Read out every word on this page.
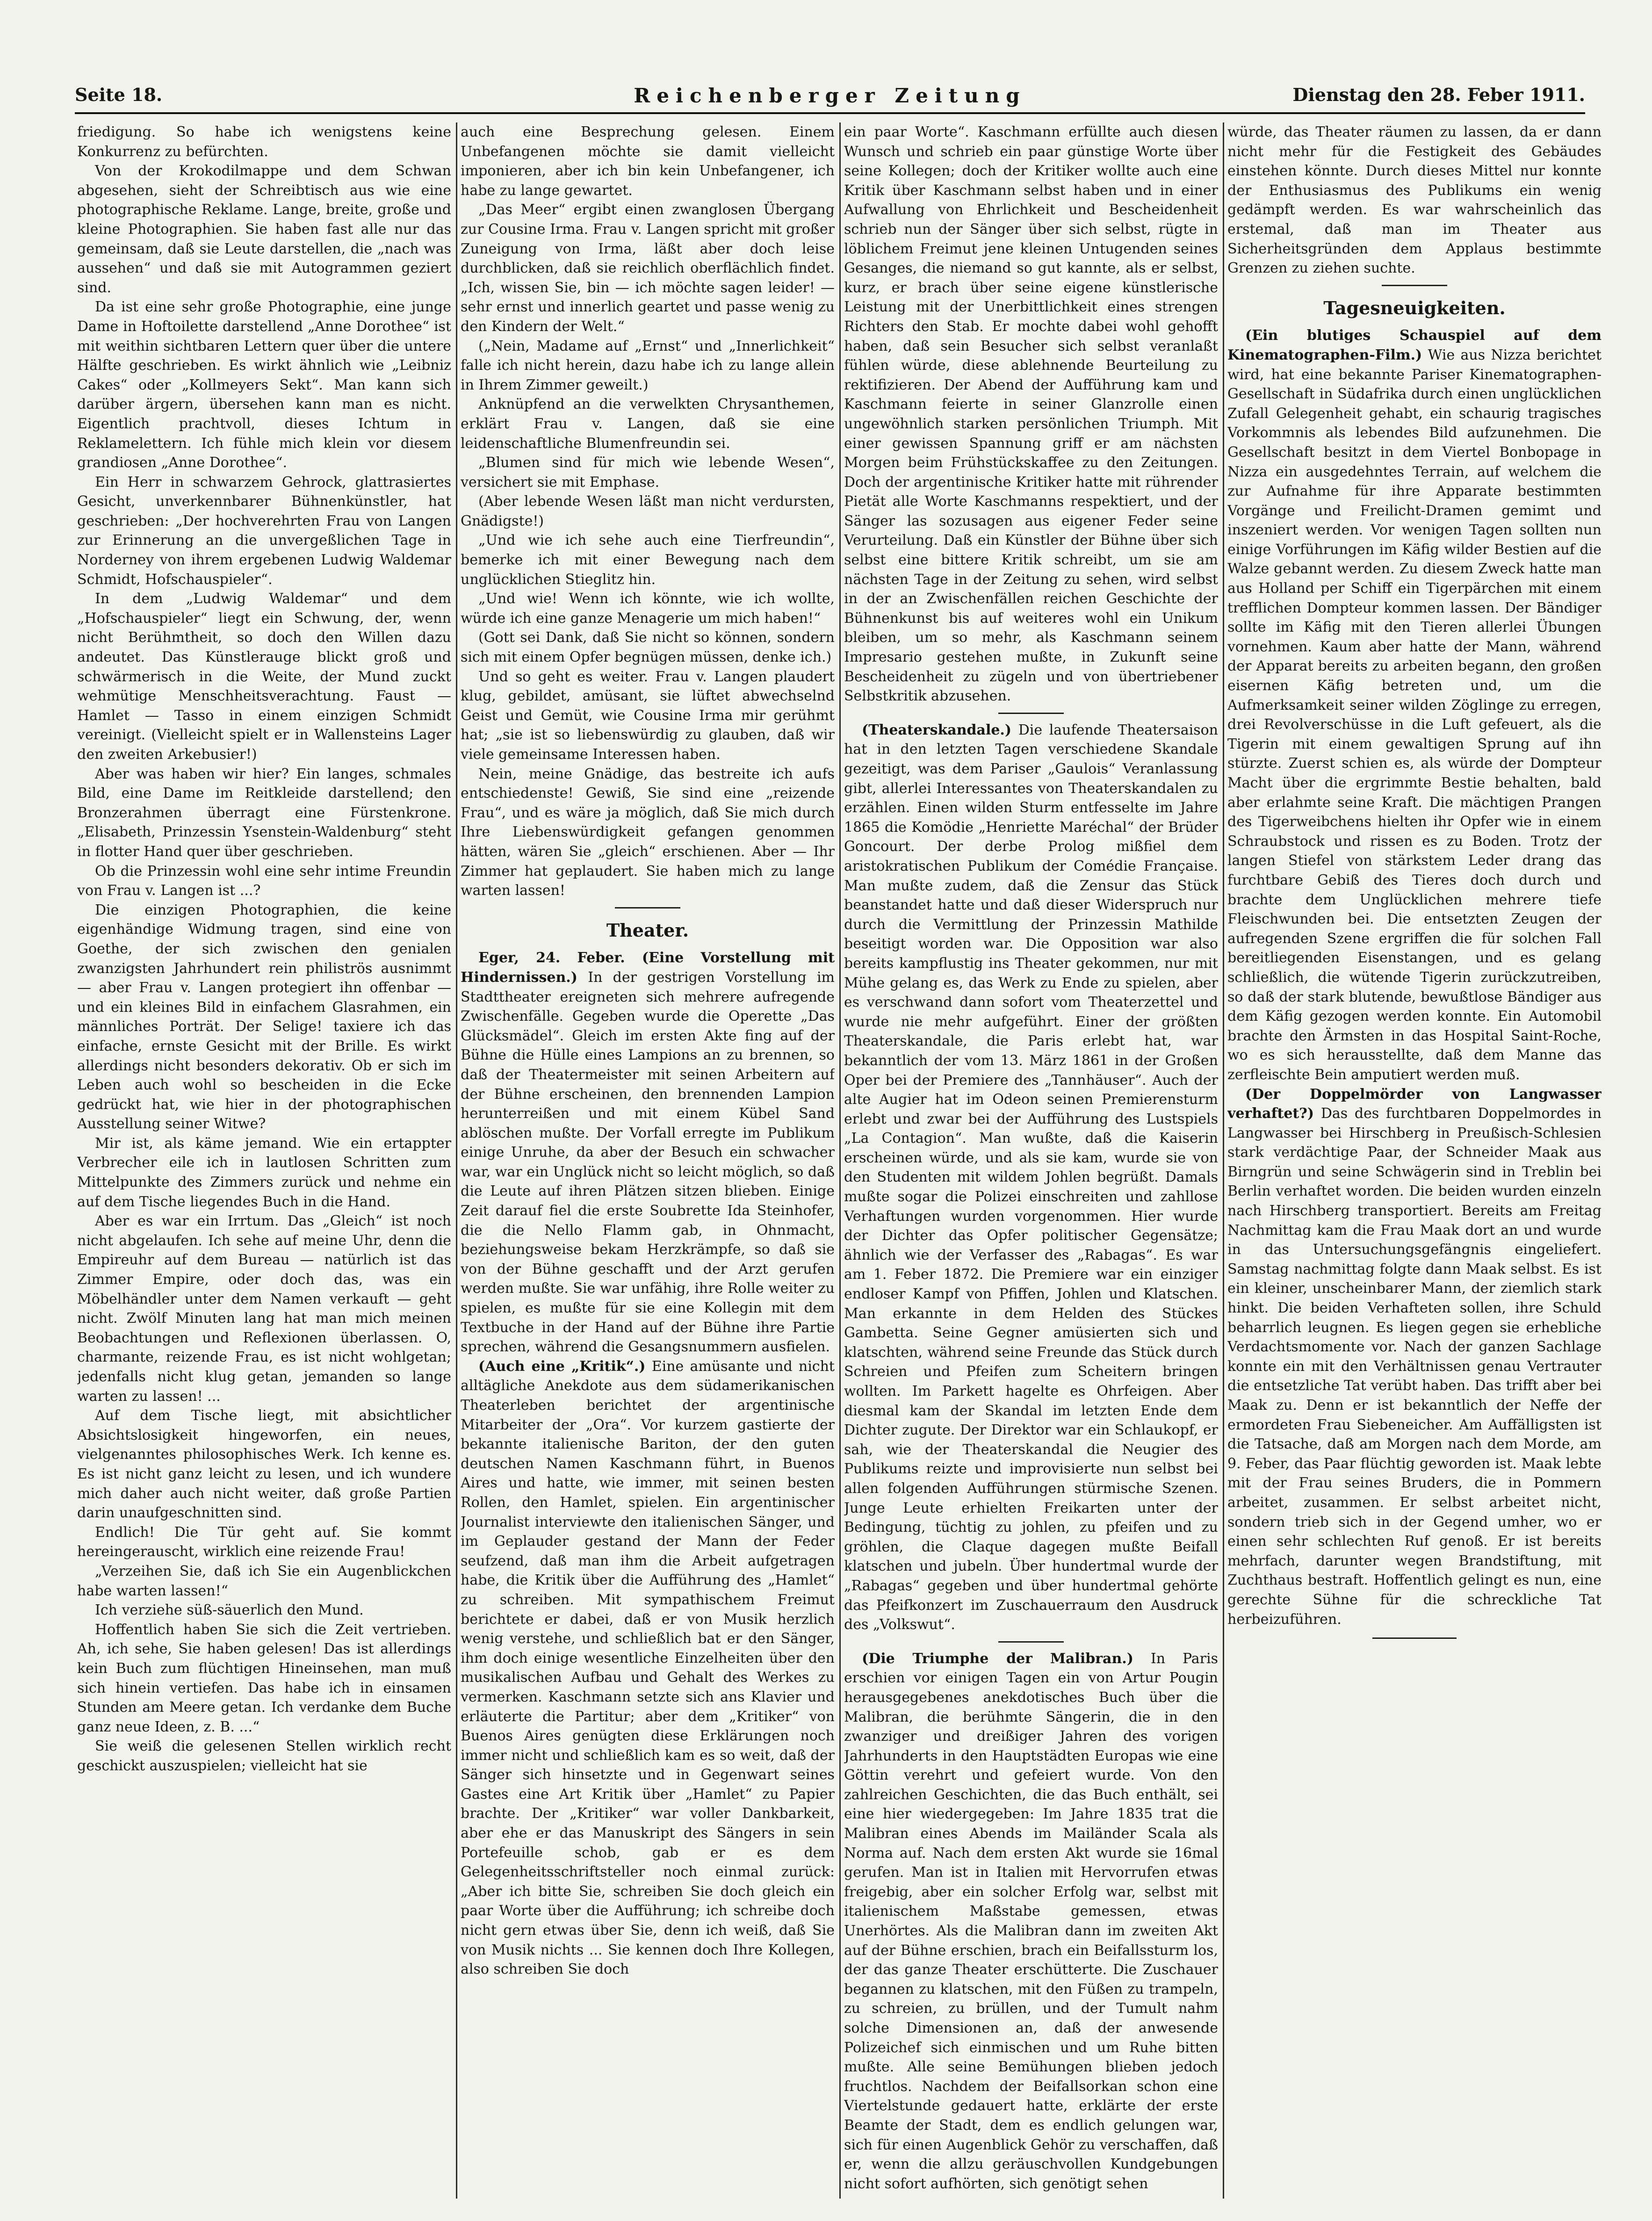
Seite 18.	Reichenberger Zeitung	Dienstag den 28. Feber 1911.

friedigung. So habe ich wenigstens keine Konkurrenz zu befürchten.

Von der Krokodilmappe und dem Schwan abgesehen, sieht der Schreibtisch aus wie eine photographische Reklame. Lange, breite, große und kleine Photographien. Sie haben fast alle nur das gemeinsam, daß sie Leute darstellen, die „nach was aussehen“ und daß sie mit Autogrammen geziert sind.

Da ist eine sehr große Photographie, eine junge Dame in Hoftoilette darstellend „Anne Dorothee“ ist mit weithin sichtbaren Lettern quer über die untere Hälfte geschrieben. Es wirkt ähnlich wie „Leibniz Cakes“ oder „Kollmeyers Sekt“. Man kann sich darüber ärgern, übersehen kann man es nicht. Eigentlich prachtvoll, dieses Ichtum in Reklamelettern. Ich fühle mich klein vor diesem grandiosen „Anne Dorothee“.

Ein Herr in schwarzem Gehrock, glattrasiertes Gesicht, unverkennbarer Bühnenkünstler, hat geschrieben: „Der hochverehrten Frau von Langen zur Erinnerung an die unvergeßlichen Tage in Norderney von ihrem ergebenen Ludwig Waldemar Schmidt, Hofschauspieler“.

In dem „Ludwig Waldemar“ und dem „Hofschauspieler“ liegt ein Schwung, der, wenn nicht Berühmtheit, so doch den Willen dazu andeutet. Das Künstlerauge blickt groß und schwärmerisch in die Weite, der Mund zuckt wehmütige Menschheitsverachtung. Faust — Hamlet — Tasso in einem einzigen Schmidt vereinigt. (Vielleicht spielt er in Wallensteins Lager den zweiten Arkebusier!)

Aber was haben wir hier? Ein langes, schmales Bild, eine Dame im Reitkleide darstellend; den Bronzerahmen überragt eine Fürstenkrone. „Elisabeth, Prinzessin Ysenstein-Waldenburg“ steht in flotter Hand quer über geschrieben.

Ob die Prinzessin wohl eine sehr intime Freundin von Frau v. Langen ist ...?

Die einzigen Photographien, die keine eigenhändige Widmung tragen, sind eine von Goethe, der sich zwischen den genialen zwanzigsten Jahrhundert rein philiströs ausnimmt — aber Frau v. Langen protegiert ihn offenbar — und ein kleines Bild in einfachem Glasrahmen, ein männliches Porträt. Der Selige! taxiere ich das einfache, ernste Gesicht mit der Brille. Es wirkt allerdings nicht besonders dekorativ. Ob er sich im Leben auch wohl so bescheiden in die Ecke gedrückt hat, wie hier in der photographischen Ausstellung seiner Witwe?

Mir ist, als käme jemand. Wie ein ertappter Verbrecher eile ich in lautlosen Schritten zum Mittelpunkte des Zimmers zurück und nehme ein auf dem Tische liegendes Buch in die Hand.

Aber es war ein Irrtum. Das „Gleich“ ist noch nicht abgelaufen. Ich sehe auf meine Uhr, denn die Empireuhr auf dem Bureau — natürlich ist das Zimmer Empire, oder doch das, was ein Möbelhändler unter dem Namen verkauft — geht nicht. Zwölf Minuten lang hat man mich meinen Beobachtungen und Reflexionen überlassen. O, charmante, reizende Frau, es ist nicht wohlgetan; jedenfalls nicht klug getan, jemanden so lange warten zu lassen! ...

Auf dem Tische liegt, mit absichtlicher Absichtslosigkeit hingeworfen, ein neues, vielgenanntes philosophisches Werk. Ich kenne es. Es ist nicht ganz leicht zu lesen, und ich wundere mich daher auch nicht weiter, daß große Partien darin unaufgeschnitten sind.

Endlich! Die Tür geht auf. Sie kommt hereingerauscht, wirklich eine reizende Frau!

„Verzeihen Sie, daß ich Sie ein Augenblickchen habe warten lassen!“

Ich verziehe süß-säuerlich den Mund.

Hoffentlich haben Sie sich die Zeit vertrieben. Ah, ich sehe, Sie haben gelesen! Das ist allerdings kein Buch zum flüchtigen Hineinsehen, man muß sich hinein vertiefen. Das habe ich in einsamen Stunden am Meere getan. Ich verdanke dem Buche ganz neue Ideen, z. B. ...“

Sie weiß die gelesenen Stellen wirklich recht geschickt auszuspielen; vielleicht hat sie

auch eine Besprechung gelesen. Einem Unbefangenen möchte sie damit vielleicht imponieren, aber ich bin kein Unbefangener, ich habe zu lange gewartet.

„Das Meer“ ergibt einen zwanglosen Übergang zur Cousine Irma. Frau v. Langen spricht mit großer Zuneigung von Irma, läßt aber doch leise durchblicken, daß sie reichlich oberflächlich findet. „Ich, wissen Sie, bin — ich möchte sagen leider! — sehr ernst und innerlich geartet und passe wenig zu den Kindern der Welt.“

(„Nein, Madame auf „Ernst“ und „Innerlichkeit“ falle ich nicht herein, dazu habe ich zu lange allein in Ihrem Zimmer geweilt.)

Anknüpfend an die verwelkten Chrysanthemen, erklärt Frau v. Langen, daß sie eine leidenschaftliche Blumenfreundin sei.

„Blumen sind für mich wie lebende Wesen“, versichert sie mit Emphase.

(Aber lebende Wesen läßt man nicht verdursten, Gnädigste!)

„Und wie ich sehe auch eine Tierfreundin“, bemerke ich mit einer Bewegung nach dem unglücklichen Stieglitz hin.

„Und wie! Wenn ich könnte, wie ich wollte, würde ich eine ganze Menagerie um mich haben!“

(Gott sei Dank, daß Sie nicht so können, sondern sich mit einem Opfer begnügen müssen, denke ich.)

Und so geht es weiter. Frau v. Langen plaudert klug, gebildet, amüsant, sie lüftet abwechselnd Geist und Gemüt, wie Cousine Irma mir gerühmt hat; „sie ist so liebenswürdig zu glauben, daß wir viele gemeinsame Interessen haben.

Nein, meine Gnädige, das bestreite ich aufs entschiedenste! Gewiß, Sie sind eine „reizende Frau“, und es wäre ja möglich, daß Sie mich durch Ihre Liebenswürdigkeit gefangen genommen hätten, wären Sie „gleich“ erschienen. Aber — Ihr Zimmer hat geplaudert. Sie haben mich zu lange warten lassen!

Theater.

Eger, 24. Feber. (Eine Vorstellung mit Hindernissen.) In der gestrigen Vorstellung im Stadttheater ereigneten sich mehrere aufregende Zwischenfälle. Gegeben wurde die Operette „Das Glücksmädel“. Gleich im ersten Akte fing auf der Bühne die Hülle eines Lampions an zu brennen, so daß der Theatermeister mit seinen Arbeitern auf der Bühne erscheinen, den brennenden Lampion herunterreißen und mit einem Kübel Sand ablöschen mußte. Der Vorfall erregte im Publikum einige Unruhe, da aber der Besuch ein schwacher war, war ein Unglück nicht so leicht möglich, so daß die Leute auf ihren Plätzen sitzen blieben. Einige Zeit darauf fiel die erste Soubrette Ida Steinhofer, die die Nello Flamm gab, in Ohnmacht, beziehungsweise bekam Herzkrämpfe, so daß sie von der Bühne geschafft und der Arzt gerufen werden mußte. Sie war unfähig, ihre Rolle weiter zu spielen, es mußte für sie eine Kollegin mit dem Textbuche in der Hand auf der Bühne ihre Partie sprechen, während die Gesangsnummern ausfielen.

(Auch eine „Kritik“.) Eine amüsante und nicht alltägliche Anekdote aus dem südamerikanischen Theaterleben berichtet der argentinische Mitarbeiter der „Ora“. Vor kurzem gastierte der bekannte italienische Bariton, der den guten deutschen Namen Kaschmann führt, in Buenos Aires und hatte, wie immer, mit seinen besten Rollen, den Hamlet, spielen. Ein argentinischer Journalist interviewte den italienischen Sänger, und im Geplauder gestand der Mann der Feder seufzend, daß man ihm die Arbeit aufgetragen habe, die Kritik über die Aufführung des „Hamlet“ zu schreiben. Mit sympathischem Freimut berichtete er dabei, daß er von Musik herzlich wenig verstehe, und schließlich bat er den Sänger, ihm doch einige wesentliche Einzelheiten über den musikalischen Aufbau und Gehalt des Werkes zu vermerken. Kaschmann setzte sich ans Klavier und erläuterte die Partitur; aber dem „Kritiker“ von Buenos Aires genügten diese Erklärungen noch immer nicht und schließlich kam es so weit, daß der Sänger sich hinsetzte und in Gegenwart seines Gastes eine Art Kritik über „Hamlet“ zu Papier brachte. Der „Kritiker“ war voller Dankbarkeit, aber ehe er das Manuskript des Sängers in sein Portefeuille schob, gab er es dem Gelegenheitsschriftsteller noch einmal zurück: „Aber ich bitte Sie, schreiben Sie doch gleich ein paar Worte über die Aufführung; ich schreibe doch nicht gern etwas über Sie, denn ich weiß, daß Sie von Musik nichts ... Sie kennen doch Ihre Kollegen, also schreiben Sie doch

ein paar Worte“. Kaschmann erfüllte auch diesen Wunsch und schrieb ein paar günstige Worte über seine Kollegen; doch der Kritiker wollte auch eine Kritik über Kaschmann selbst haben und in einer Aufwallung von Ehrlichkeit und Bescheidenheit schrieb nun der Sänger über sich selbst, rügte in löblichem Freimut jene kleinen Untugenden seines Gesanges, die niemand so gut kannte, als er selbst, kurz, er brach über seine eigene künstlerische Leistung mit der Unerbittlichkeit eines strengen Richters den Stab. Er mochte dabei wohl gehofft haben, daß sein Besucher sich selbst veranlaßt fühlen würde, diese ablehnende Beurteilung zu rektifizieren. Der Abend der Aufführung kam und Kaschmann feierte in seiner Glanzrolle einen ungewöhnlich starken persönlichen Triumph. Mit einer gewissen Spannung griff er am nächsten Morgen beim Frühstückskaffee zu den Zeitungen. Doch der argentinische Kritiker hatte mit rührender Pietät alle Worte Kaschmanns respektiert, und der Sänger las sozusagen aus eigener Feder seine Verurteilung. Daß ein Künstler der Bühne über sich selbst eine bittere Kritik schreibt, um sie am nächsten Tage in der Zeitung zu sehen, wird selbst in der an Zwischenfällen reichen Geschichte der Bühnenkunst bis auf weiteres wohl ein Unikum bleiben, um so mehr, als Kaschmann seinem Impresario gestehen mußte, in Zukunft seine Bescheidenheit zu zügeln und von übertriebener Selbstkritik abzusehen.

(Theaterskandale.) Die laufende Theatersaison hat in den letzten Tagen verschiedene Skandale gezeitigt, was dem Pariser „Gaulois“ Veranlassung gibt, allerlei Interessantes von Theaterskandalen zu erzählen. Einen wilden Sturm entfesselte im Jahre 1865 die Komödie „Henriette Maréchal“ der Brüder Goncourt. Der derbe Prolog mißfiel dem aristokratischen Publikum der Comédie Française. Man mußte zudem, daß die Zensur das Stück beanstandet hatte und daß dieser Widerspruch nur durch die Vermittlung der Prinzessin Mathilde beseitigt worden war. Die Opposition war also bereits kampflustig ins Theater gekommen, nur mit Mühe gelang es, das Werk zu Ende zu spielen, aber es verschwand dann sofort vom Theaterzettel und wurde nie mehr aufgeführt. Einer der größten Theaterskandale, die Paris erlebt hat, war bekanntlich der vom 13. März 1861 in der Großen Oper bei der Premiere des „Tannhäuser“. Auch der alte Augier hat im Odeon seinen Premierensturm erlebt und zwar bei der Aufführung des Lustspiels „La Contagion“. Man wußte, daß die Kaiserin erscheinen würde, und als sie kam, wurde sie von den Studenten mit wildem Johlen begrüßt. Damals mußte sogar die Polizei einschreiten und zahllose Verhaftungen wurden vorgenommen. Hier wurde der Dichter das Opfer politischer Gegensätze; ähnlich wie der Verfasser des „Rabagas“. Es war am 1. Feber 1872. Die Premiere war ein einziger endloser Kampf von Pfiffen, Johlen und Klatschen. Man erkannte in dem Helden des Stückes Gambetta. Seine Gegner amüsierten sich und klatschten, während seine Freunde das Stück durch Schreien und Pfeifen zum Scheitern bringen wollten. Im Parkett hagelte es Ohrfeigen. Aber diesmal kam der Skandal im letzten Ende dem Dichter zugute. Der Direktor war ein Schlaukopf, er sah, wie der Theaterskandal die Neugier des Publikums reizte und improvisierte nun selbst bei allen folgenden Aufführungen stürmische Szenen. Junge Leute erhielten Freikarten unter der Bedingung, tüchtig zu johlen, zu pfeifen und zu gröhlen, die Claque dagegen mußte Beifall klatschen und jubeln. Über hundertmal wurde der „Rabagas“ gegeben und über hundertmal gehörte das Pfeifkonzert im Zuschauerraum den Ausdruck des „Volkswut“.

(Die Triumphe der Malibran.) In Paris erschien vor einigen Tagen ein von Artur Pougin herausgegebenes anekdotisches Buch über die Malibran, die berühmte Sängerin, die in den zwanziger und dreißiger Jahren des vorigen Jahrhunderts in den Hauptstädten Europas wie eine Göttin verehrt und gefeiert wurde. Von den zahlreichen Geschichten, die das Buch enthält, sei eine hier wiedergegeben: Im Jahre 1835 trat die Malibran eines Abends im Mailänder Scala als Norma auf. Nach dem ersten Akt wurde sie 16mal gerufen. Man ist in Italien mit Hervorrufen etwas freigebig, aber ein solcher Erfolg war, selbst mit italienischem Maßstabe gemessen, etwas Unerhörtes. Als die Malibran dann im zweiten Akt auf der Bühne erschien, brach ein Beifallssturm los, der das ganze Theater erschütterte. Die Zuschauer begannen zu klatschen, mit den Füßen zu trampeln, zu schreien, zu brüllen, und der Tumult nahm solche Dimensionen an, daß der anwesende Polizeichef sich einmischen und um Ruhe bitten mußte. Alle seine Bemühungen blieben jedoch fruchtlos. Nachdem der Beifallsorkan schon eine Viertelstunde gedauert hatte, erklärte der erste Beamte der Stadt, dem es endlich gelungen war, sich für einen Augenblick Gehör zu verschaffen, daß er, wenn die allzu geräuschvollen Kundgebungen nicht sofort aufhörten, sich genötigt sehen

würde, das Theater räumen zu lassen, da er dann nicht mehr für die Festigkeit des Gebäudes einstehen könnte. Durch dieses Mittel nur konnte der Enthusiasmus des Publikums ein wenig gedämpft werden. Es war wahrscheinlich das erstemal, daß man im Theater aus Sicherheitsgründen dem Applaus bestimmte Grenzen zu ziehen suchte.

Tagesneuigkeiten.

(Ein blutiges Schauspiel auf dem Kinematographen-Film.) Wie aus Nizza berichtet wird, hat eine bekannte Pariser Kinematographen-Gesellschaft in Südafrika durch einen unglücklichen Zufall Gelegenheit gehabt, ein schaurig tragisches Vorkommnis als lebendes Bild aufzunehmen. Die Gesellschaft besitzt in dem Viertel Bonbopage in Nizza ein ausgedehntes Terrain, auf welchem die zur Aufnahme für ihre Apparate bestimmten Vorgänge und Freilicht-Dramen gemimt und inszeniert werden. Vor wenigen Tagen sollten nun einige Vorführungen im Käfig wilder Bestien auf die Walze gebannt werden. Zu diesem Zweck hatte man aus Holland per Schiff ein Tigerpärchen mit einem trefflichen Dompteur kommen lassen. Der Bändiger sollte im Käfig mit den Tieren allerlei Übungen vornehmen. Kaum aber hatte der Mann, während der Apparat bereits zu arbeiten begann, den großen eisernen Käfig betreten und, um die Aufmerksamkeit seiner wilden Zöglinge zu erregen, drei Revolverschüsse in die Luft gefeuert, als die Tigerin mit einem gewaltigen Sprung auf ihn stürzte. Zuerst schien es, als würde der Dompteur Macht über die ergrimmte Bestie behalten, bald aber erlahmte seine Kraft. Die mächtigen Prangen des Tigerweibchens hielten ihr Opfer wie in einem Schraubstock und rissen es zu Boden. Trotz der langen Stiefel von stärkstem Leder drang das furchtbare Gebiß des Tieres doch durch und brachte dem Unglücklichen mehrere tiefe Fleischwunden bei. Die entsetzten Zeugen der aufregenden Szene ergriffen die für solchen Fall bereitliegenden Eisenstangen, und es gelang schließlich, die wütende Tigerin zurückzutreiben, so daß der stark blutende, bewußtlose Bändiger aus dem Käfig gezogen werden konnte. Ein Automobil brachte den Ärmsten in das Hospital Saint-Roche, wo es sich herausstellte, daß dem Manne das zerfleischte Bein amputiert werden muß.

(Der Doppelmörder von Langwasser verhaftet?) Das des furchtbaren Doppelmordes in Langwasser bei Hirschberg in Preußisch-Schlesien stark verdächtige Paar, der Schneider Maak aus Birngrün und seine Schwägerin sind in Treblin bei Berlin verhaftet worden. Die beiden wurden einzeln nach Hirschberg transportiert. Bereits am Freitag Nachmittag kam die Frau Maak dort an und wurde in das Untersuchungsgefängnis eingeliefert. Samstag nachmittag folgte dann Maak selbst. Es ist ein kleiner, unscheinbarer Mann, der ziemlich stark hinkt. Die beiden Verhafteten sollen, ihre Schuld beharrlich leugnen. Es liegen gegen sie erhebliche Verdachtsmomente vor. Nach der ganzen Sachlage konnte ein mit den Verhältnissen genau Vertrauter die entsetzliche Tat verübt haben. Das trifft aber bei Maak zu. Denn er ist bekanntlich der Neffe der ermordeten Frau Siebeneicher. Am Auffälligsten ist die Tatsache, daß am Morgen nach dem Morde, am 9. Feber, das Paar flüchtig geworden ist. Maak lebte mit der Frau seines Bruders, die in Pommern arbeitet, zusammen. Er selbst arbeitet nicht, sondern trieb sich in der Gegend umher, wo er einen sehr schlechten Ruf genoß. Er ist bereits mehrfach, darunter wegen Brandstiftung, mit Zuchthaus bestraft. Hoffentlich gelingt es nun, eine gerechte Sühne für die schreckliche Tat herbeizuführen.
